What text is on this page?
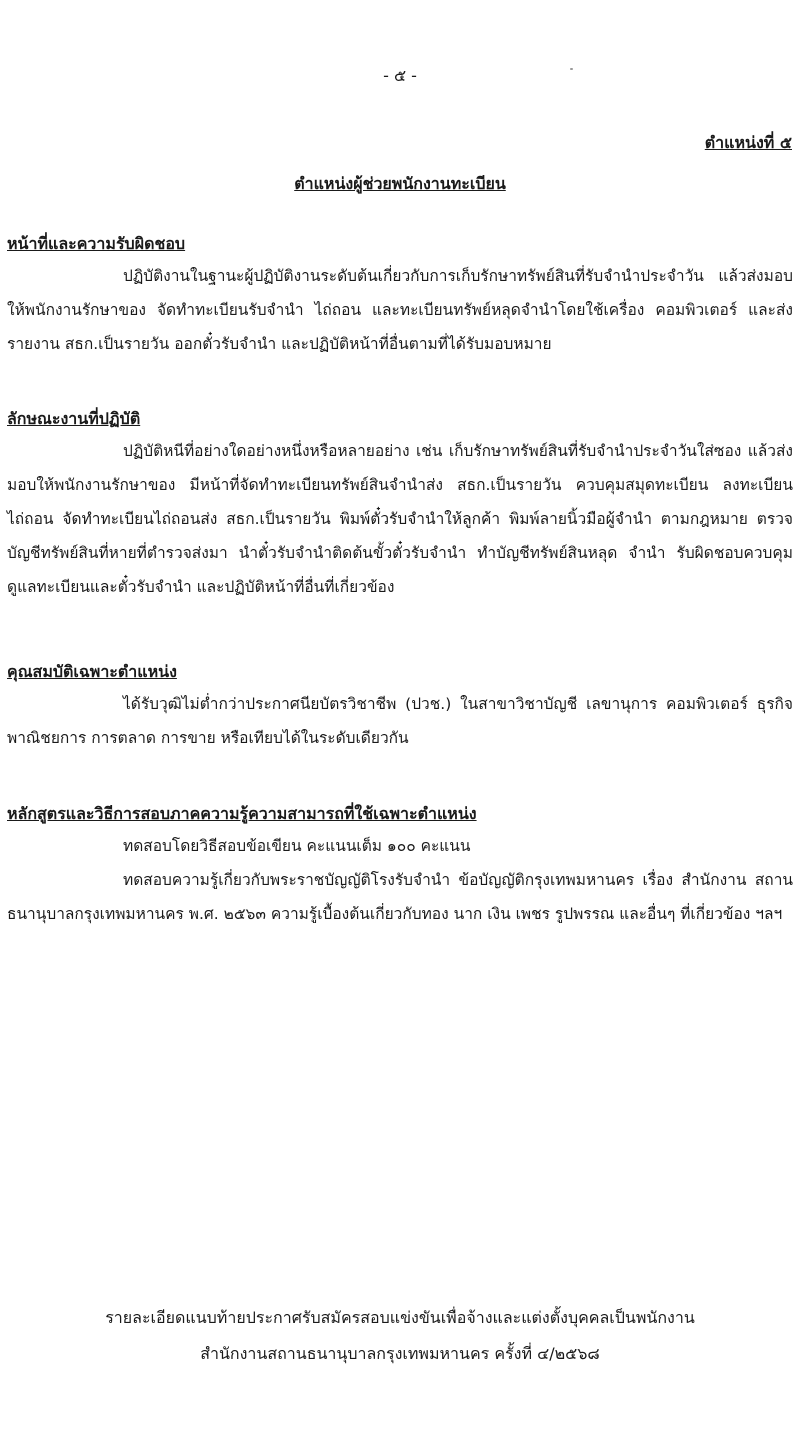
- ๕ -
ตำแหน่งที่ ๕
ตำแหน่งผู้ช่วยพนักงานทะเบียน

หน้าที่และความรับผิดชอบ

ปฏิบัติงานในฐานะผู้ปฏิบัติงานระดับต้นเกี่ยวกับการเก็บรักษาทรัพย์สินที่รับจำนำประจำวัน แล้วส่งมอบให้พนักงานรักษาของ จัดทำทะเบียนรับจำนำ ไถ่ถอน และทะเบียนทรัพย์หลุดจำนำโดยใช้เครื่อง คอมพิวเตอร์ และส่งรายงาน สธก.เป็นรายวัน ออกตั๋วรับจำนำ และปฏิบัติหน้าที่อื่นตามที่ได้รับมอบหมาย

ลักษณะงานที่ปฏิบัติ

ปฏิบัติหนีที่อย่างใดอย่างหนึ่งหรือหลายอย่าง เช่น เก็บรักษาทรัพย์สินที่รับจำนำประจำวันใส่ซอง แล้วส่งมอบให้พนักงานรักษาของ มีหน้าที่จัดทำทะเบียนทรัพย์สินจำนำส่ง สธก.เป็นรายวัน ควบคุมสมุดทะเบียน ลงทะเบียนไถ่ถอน จัดทำทะเบียนไถ่ถอนส่ง สธก.เป็นรายวัน พิมพ์ตั๋วรับจำนำให้ลูกค้า พิมพ์ลายนิ้วมือผู้จำนำ ตามกฎหมาย ตรวจบัญชีทรัพย์สินที่หายที่ตำรวจส่งมา นำตั๋วรับจำนำติดต้นขั้วตั๋วรับจำนำ ทำบัญชีทรัพย์สินหลุด จำนำ รับผิดชอบควบคุมดูแลทะเบียนและตั๋วรับจำนำ และปฏิบัติหน้าที่อื่นที่เกี่ยวข้อง

คุณสมบัติเฉพาะตำแหน่ง

ได้รับวุฒิไม่ต่ำกว่าประกาศนียบัตรวิชาชีพ (ปวช.) ในสาขาวิชาบัญชี เลขานุการ คอมพิวเตอร์ ธุรกิจ พาณิชยการ การตลาด การขาย หรือเทียบได้ในระดับเดียวกัน

หลักสูตรและวิธีการสอบภาคความรู้ความสามารถที่ใช้เฉพาะตำแหน่ง

ทดสอบโดยวิธีสอบข้อเขียน คะแนนเต็ม ๑๐๐ คะแนน

ทดสอบความรู้เกี่ยวกับพระราชบัญญัติโรงรับจำนำ ข้อบัญญัติกรุงเทพมหานคร เรื่อง สำนักงาน สถานธนานุบาลกรุงเทพมหานคร พ.ศ. ๒๕๖๓ ความรู้เบื้องต้นเกี่ยวกับทอง นาก เงิน เพชร รูปพรรณ และอื่นๆ ที่เกี่ยวข้อง ฯลฯ

รายละเอียดแนบท้ายประกาศรับสมัครสอบแข่งขันเพื่อจ้างและแต่งตั้งบุคคลเป็นพนักงาน

สำนักงานสถานธนานุบาลกรุงเทพมหานคร ครั้งที่ ๔/๒๕๖๘
